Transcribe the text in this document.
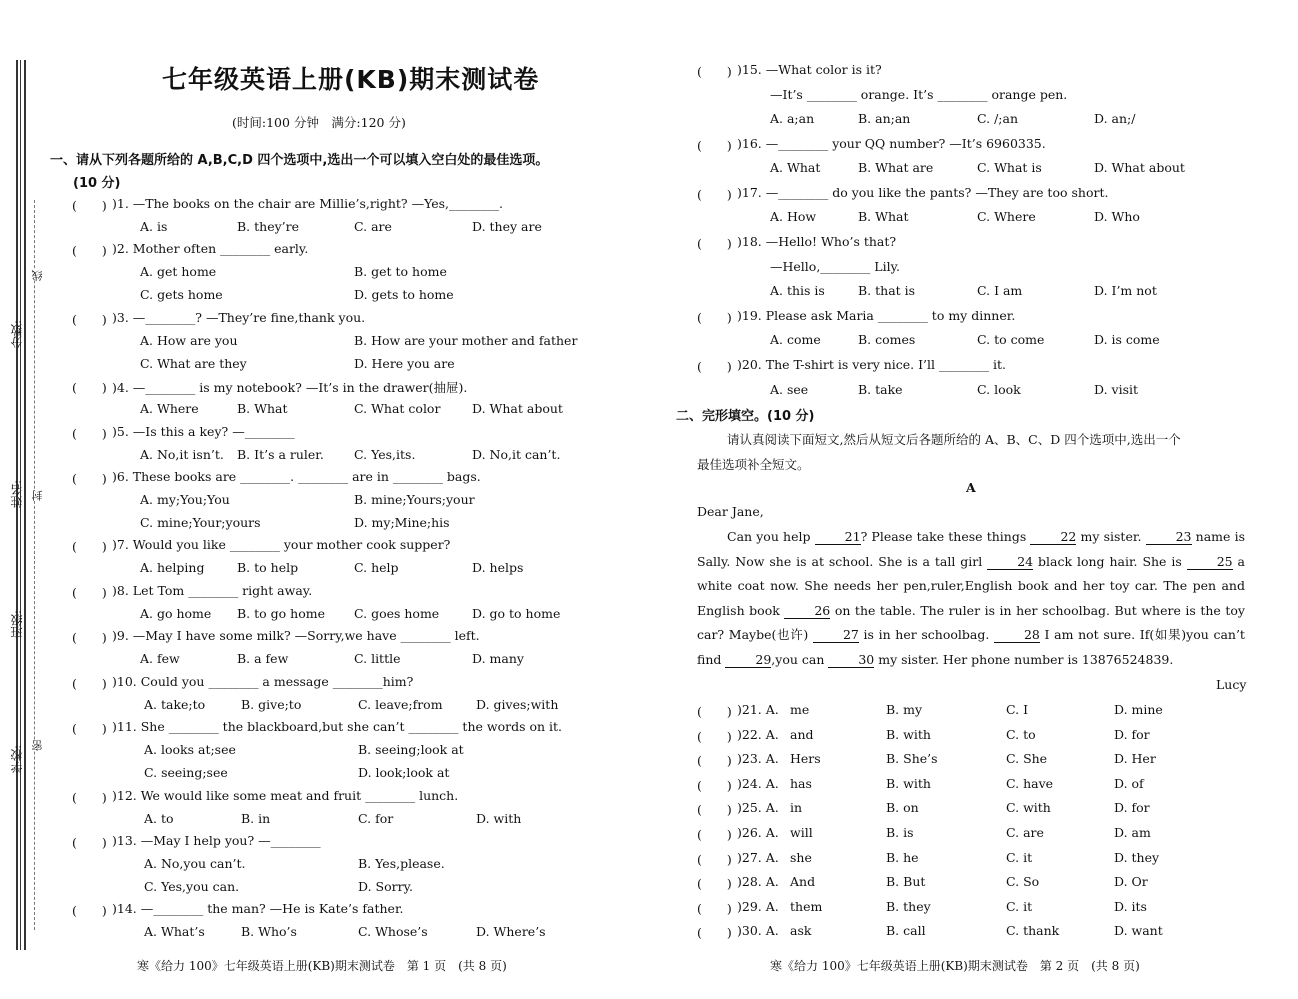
分数:
线
姓名: 封
班级:
学校: 密
七年级英语上册(KB)期末测试卷
(时间:100 分钟　满分:120 分)
一、请从下列各题所给的 A,B,C,D 四个选项中,选出一个可以填入空白处的最佳选项。
(10 分)
(　　) )1. —The books on the chair are Millie’s,right? —Yes,________.
A. is	B. they’re	C. are	D. they are
(　　) )2. Mother often ________ early.
A. get home	B. get to home
C. gets home	D. gets to home
(　　) )3. —________? —They’re fine,thank you.
A. How are you	B. How are your mother and father
C. What are they	D. Here you are
(　　) )4. —________ is my notebook? —It’s in the drawer(抽屉).
A. Where	B. What	C. What color	D. What about
(　　) )5. —Is this a key? —________
A. No,it isn’t. B. It’s a ruler. C. Yes,its.	D. No,it can’t.
(　　) )6. These books are ________. ________ are in ________ bags.
A. my;You;You	B. mine;Yours;your
C. mine;Your;yours	D. my;Mine;his
(　　) )7. Would you like ________ your mother cook supper?
A. helping	B. to help	C. help	D. helps
(　　) )8. Let Tom ________ right away.
A. go home B. to go home C. goes home	D. go to home
(　　) )9. —May I have some milk? —Sorry,we have ________ left.
A. few	B. a few	C. little	D. many
(　　) )10. Could you ________ a message ________him?
A. take;to	B. give;to	C. leave;from	D. gives;with
(　　) )11. She ________ the blackboard,but she can’t ________ the words on it.
A. looks at;see	B. seeing;look at
C. seeing;see	D. look;look at
(　　) )12. We would like some meat and fruit ________ lunch.
A. to	B. in	C. for	D. with
(　　) )13. —May I help you? —________
A. No,you can’t.	B. Yes,please.
C. Yes,you can.	D. Sorry.
(　　) )14. —________ the man? —He is Kate’s father.
A. What’s	B. Who’s	C. Whose’s	D. Where’s
(　　) )15. —What color is it?
—It’s ________ orange. It’s ________ orange pen.
A. a;an	B. an;an	C. /;an	D. an;/
(　　) )16. —________ your QQ number? —It’s 6960335.
A. What	B. What are	C. What is	D. What about
(　　) )17. —________ do you like the pants? —They are too short.
A. How	B. What	C. Where	D. Who
(　　) )18. —Hello! Who’s that?
—Hello,________ Lily.
A. this is	B. that is	C. I am	D. I’m not
(　　) )19. Please ask Maria ________ to my dinner.
A. come	B. comes	C. to come	D. is come
(　　) )20. The T-shirt is very nice. I’ll ________ it.
A. see	B. take	C. look	D. visit
二、完形填空。(10 分)
请认真阅读下面短文,然后从短文后各题所给的 A、B、C、D 四个选项中,选出一个
最佳选项补全短文。
A
Dear Jane,

Can you help	21? Please take these things	22 my sister.	23 name is Sally. Now she is at school. She is a tall girl	24 black long hair. She is	25 a white coat now. She needs her pen,ruler,English book and her toy car. The pen and English book	26 on the table. The ruler is in her schoolbag. But where is the toy car? Maybe(也许)	27 is in her schoolbag.	28 I am not sure. If(如果)you can’t find	29,you can	30 my sister. Her phone number is 13876524839.

Lucy
(　　) )21. A. me	B. my	C. I	D. mine
(　　) )22. A. and	B. with	C. to	D. for
(　　) )23. A. Hers	B. She’s	C. She	D. Her
(　　) )24. A. has	B. with	C. have	D. of
(　　) )25. A. in	B. on	C. with	D. for
(　　) )26. A. will	B. is	C. are	D. am
(　　) )27. A. she	B. he	C. it	D. they
(　　) )28. A. And	B. But	C. So	D. Or
(　　) )29. A. them	B. they	C. it	D. its
(　　) )30. A. ask	B. call	C. thank	D. want
寒《给力 100》七年级英语上册(KB)期末测试卷　第 1 页　(共 8 页)	寒《给力 100》七年级英语上册(KB)期末测试卷　第 2 页　(共 8 页)
